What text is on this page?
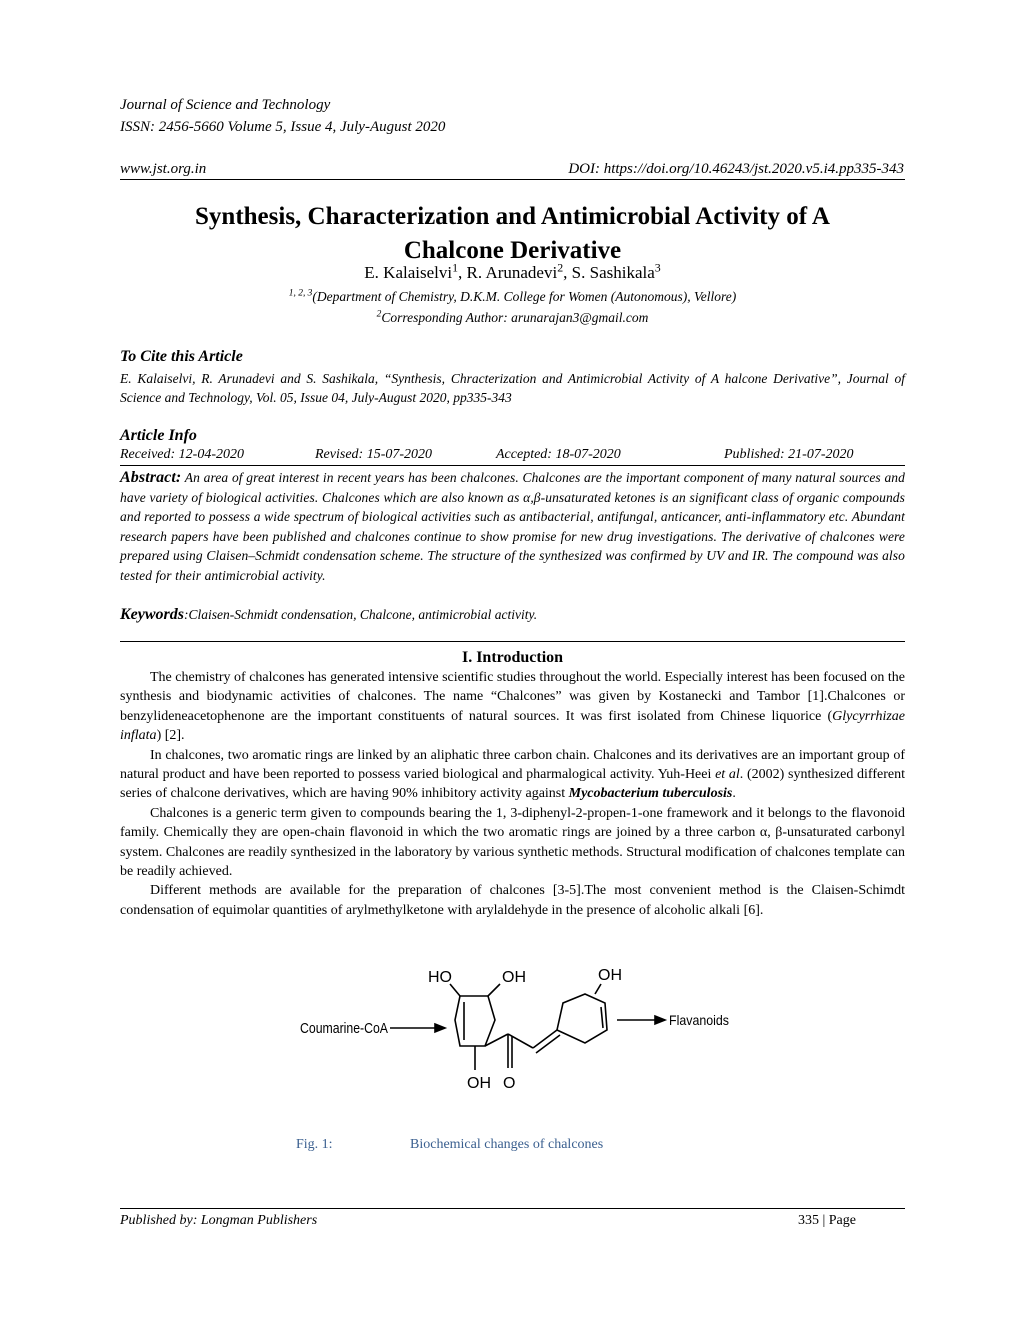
Journal of Science and Technology
ISSN: 2456-5660 Volume 5, Issue 4, July-August 2020
www.jst.org.in	DOI: https://doi.org/10.46243/jst.2020.v5.i4.pp335-343
Synthesis, Characterization and Antimicrobial Activity of A
Chalcone Derivative
E. Kalaiselvi$^1$, R. Arunadevi$^2$, S. Sashikala$^3$
$^{1, 2, 3}$(Department of Chemistry, D.K.M. College for Women (Autonomous), Vellore)
$^2$Corresponding Author: arunarajan3@gmail.com
To Cite this Article
E. Kalaiselvi, R. Arunadevi and S. Sashikala, “Synthesis, Chracterization and Antimicrobial Activity of A halcone Derivative”, Journal of Science and Technology, Vol. 05, Issue 04, July-August 2020, pp335-343
Article Info
Received: 12-04-2020	Revised: 15-07-2020	Accepted: 18-07-2020	Published: 21-07-2020
Abstract: An area of great interest in recent years has been chalcones. Chalcones are the important component of many natural sources and have variety of biological activities. Chalcones which are also known as α,β-unsaturated ketones is an significant class of organic compounds and reported to possess a wide spectrum of biological activities such as antibacterial, antifungal, anticancer, anti-inflammatory etc. Abundant research papers have been published and chalcones continue to show promise for new drug investigations. The derivative of chalcones were prepared using Claisen–Schmidt condensation scheme. The structure of the synthesized was confirmed by UV and IR. The compound was also tested for their antimicrobial activity.
Keywords:Claisen-Schmidt condensation, Chalcone, antimicrobial activity.
I. Introduction

The chemistry of chalcones has generated intensive scientific studies throughout the world. Especially interest has been focused on the synthesis and biodynamic activities of chalcones. The name “Chalcones” was given by Kostanecki and Tambor [1].Chalcones or benzylideneacetophenone are the important constituents of natural sources. It was first isolated from Chinese liquorice (Glycyrrhizae inflata) [2].

In chalcones, two aromatic rings are linked by an aliphatic three carbon chain. Chalcones and its derivatives are an important group of natural product and have been reported to possess varied biological and pharmalogical activity. Yuh-Heei et al. (2002) synthesized different series of chalcone derivatives, which are having 90% inhibitory activity against Mycobacterium tuberculosis.

Chalcones is a generic term given to compounds bearing the 1, 3-diphenyl-2-propen-1-one framework and it belongs to the flavonoid family. Chemically they are open-chain flavonoid in which the two aromatic rings are joined by a three carbon α, β-unsaturated carbonyl system. Chalcones are readily synthesized in the laboratory by various synthetic methods. Structural modification of chalcones template can be readily achieved.

Different methods are available for the preparation of chalcones [3-5].The most convenient method is the Claisen-Schimdt condensation of equimolar quantities of arylmethylketone with arylaldehyde in the presence of alcoholic alkali [6].

Coumarine-CoA
HO	OH
OH O
OH
Flavanoids
Fig. 1:	Biochemical changes of chalcones
Published by: Longman Publishers	335 | Page
